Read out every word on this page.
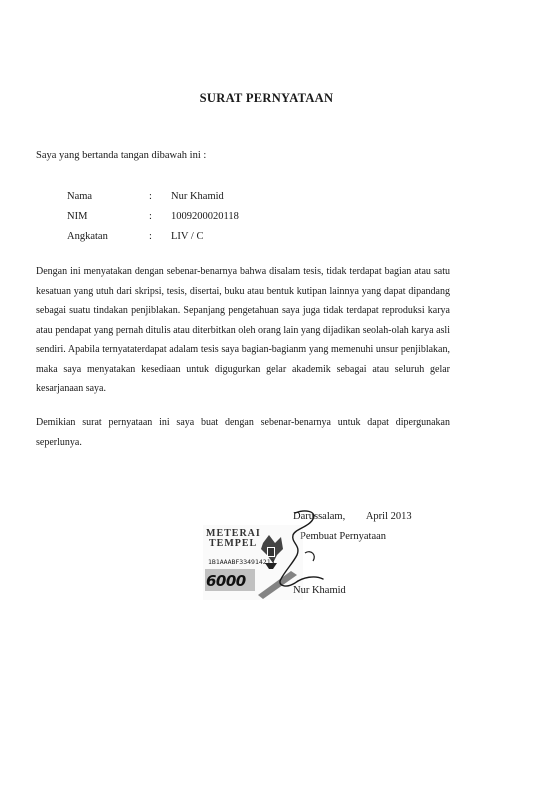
SURAT PERNYATAAN
Saya yang bertanda tangan dibawah ini :
Nama	:	Nur Khamid
NIM	:	1009200020118
Angkatan	:	LIV / C
Dengan ini menyatakan dengan sebenar-benarnya bahwa disalam tesis, tidak terdapat bagian atau satu kesatuan yang utuh dari skripsi, tesis, disertai, buku atau bentuk kutipan lainnya yang dapat dipandang sebagai suatu tindakan penjiblakan. Sepanjang pengetahuan saya juga tidak terdapat reproduksi karya atau pendapat yang pernah ditulis atau diterbitkan oleh orang lain yang dijadikan seolah-olah karya asli sendiri. Apabila ternyataterdapat adalam tesis saya bagian-bagianm yang memenuhi unsur penjiblakan, maka saya menyatakan kesediaan untuk digugurkan gelar akademik sebagai atau seluruh gelar kesarjanaan saya.
Demikian surat pernyataan ini saya buat dengan sebenar-benarnya untuk dapat dipergunakan seperlunya.
Darussalam, April 2013
Pembuat Pernyataan
METERAI
TEMPEL
1B1AAABF334914213
6000
Nur Khamid
